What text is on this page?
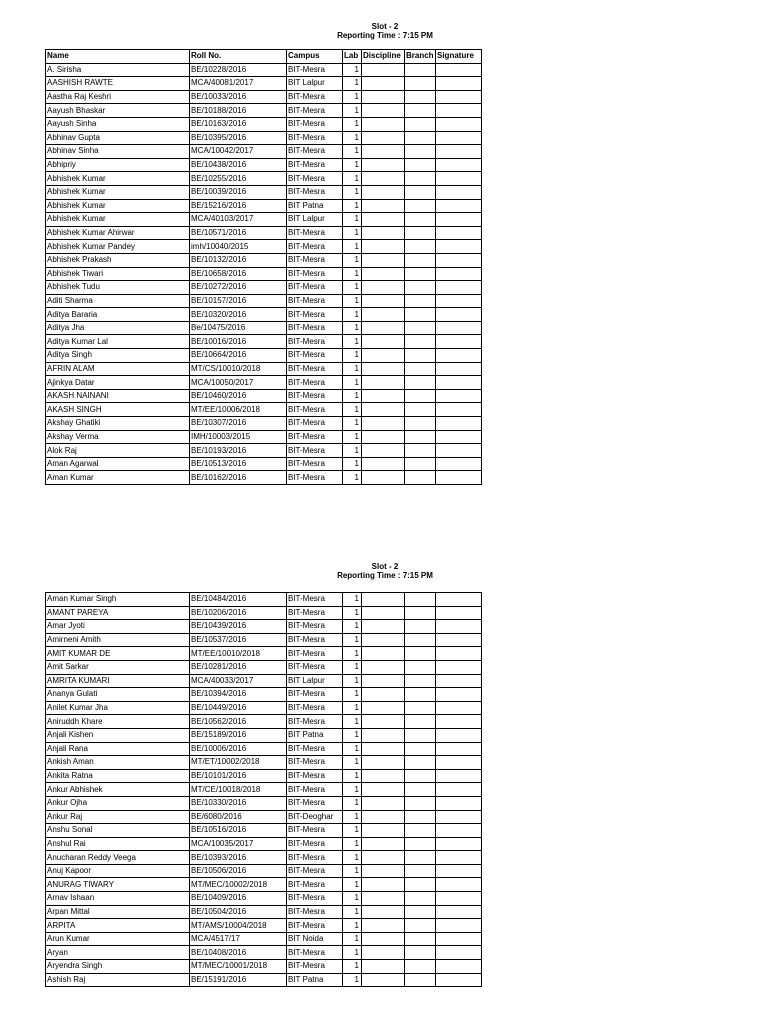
Slot - 2
Reporting Time : 7:15 PM
Name	Roll No.	Campus	Lab	Discipline	Branch	Signature
A. Sirisha	BE/10228/2016	BIT-Mesra	1			
AASHISH RAWTE	MCA/40081/2017	BIT Lalpur	1			
Aastha Raj Keshri	BE/10033/2016	BIT-Mesra	1			
Aayush Bhaskar	BE/10188/2016	BIT-Mesra	1			
Aayush Sinha	BE/10163/2016	BIT-Mesra	1			
Abhinav Gupta	BE/10395/2016	BIT-Mesra	1			
Abhinav Sinha	MCA/10042/2017	BIT-Mesra	1			
Abhipriy	BE/10438/2016	BIT-Mesra	1			
Abhishek Kumar	BE/10255/2016	BIT-Mesra	1			
Abhishek Kumar	BE/10039/2016	BIT-Mesra	1			
Abhishek Kumar	BE/15216/2016	BIT Patna	1			
Abhishek Kumar	MCA/40103/2017	BIT Lalpur	1			
Abhishek Kumar Ahirwar	BE/10571/2016	BIT-Mesra	1			
Abhishek Kumar Pandey	imh/10040/2015	BIT-Mesra	1			
Abhishek Prakash	BE/10132/2016	BIT-Mesra	1			
Abhishek Tiwari	BE/10658/2016	BIT-Mesra	1			
Abhishek Tudu	BE/10272/2016	BIT-Mesra	1			
Aditi Sharma	BE/10157/2016	BIT-Mesra	1			
Aditya Bararia	BE/10320/2016	BIT-Mesra	1			
Aditya Jha	Be/10475/2016	BIT-Mesra	1			
Aditya Kumar Lal	BE/10016/2016	BIT-Mesra	1			
Aditya Singh	BE/10664/2016	BIT-Mesra	1			
AFRIN ALAM	MT/CS/10010/2018	BIT-Mesra	1			
Ajinkya Datar	MCA/10050/2017	BIT-Mesra	1			
AKASH NAINANI	BE/10460/2016	BIT-Mesra	1			
AKASH SINGH	MT/EE/10006/2018	BIT-Mesra	1			
Akshay Ghatiki	BE/10307/2016	BIT-Mesra	1			
Akshay Verma	IMH/10003/2015	BIT-Mesra	1			
Alok Raj	BE/10193/2016	BIT-Mesra	1			
Aman Agarwal	BE/10513/2016	BIT-Mesra	1			
Aman Kumar	BE/10162/2016	BIT-Mesra	1			
Slot - 2
Reporting Time : 7:15 PM
Aman Kumar Singh	BE/10484/2016	BIT-Mesra	1			
AMANT PAREYA	BE/10206/2016	BIT-Mesra	1			
Amar Jyoti	BE/10439/2016	BIT-Mesra	1			
Amirneni Amith	BE/10537/2016	BIT-Mesra	1			
AMIT KUMAR DE	MT/EE/10010/2018	BIT-Mesra	1			
Amit Sarkar	BE/10281/2016	BIT-Mesra	1			
AMRITA KUMARI	MCA/40033/2017	BIT Lalpur	1			
Ananya Gulati	BE/10394/2016	BIT-Mesra	1			
Anilet Kumar Jha	BE/10449/2016	BIT-Mesra	1			
Aniruddh Khare	BE/10562/2016	BIT-Mesra	1			
Anjali Kishen	BE/15189/2016	BIT Patna	1			
Anjali Rana	BE/10006/2016	BIT-Mesra	1			
Ankish Aman	MT/ET/10002/2018	BIT-Mesra	1			
Ankita Ratna	BE/10101/2016	BIT-Mesra	1			
Ankur Abhishek	MT/CE/10018/2018	BIT-Mesra	1			
Ankur Ojha	BE/10330/2016	BIT-Mesra	1			
Ankur Raj	BE/6080/2016	BIT-Deoghar	1			
Anshu Sonal	BE/10516/2016	BIT-Mesra	1			
Anshul Rai	MCA/10035/2017	BIT-Mesra	1			
Anucharan Reddy Veega	BE/10393/2016	BIT-Mesra	1			
Anuj Kapoor	BE/10506/2016	BIT-Mesra	1			
ANURAG TIWARY	MT/MEC/10002/2018	BIT-Mesra	1			
Arnav Ishaan	BE/10409/2016	BIT-Mesra	1			
Arpan Mittal	BE/10504/2016	BIT-Mesra	1			
ARPITA	MT/AMS/10004/2018	BIT-Mesra	1			
Arun Kumar	MCA/4517/17	BIT Noida	1			
Aryan	BE/10408/2016	BIT-Mesra	1			
Aryendra Singh	MT/MEC/10001/2018	BIT-Mesra	1			
Ashish Raj	BE/15191/2016	BIT Patna	1			
